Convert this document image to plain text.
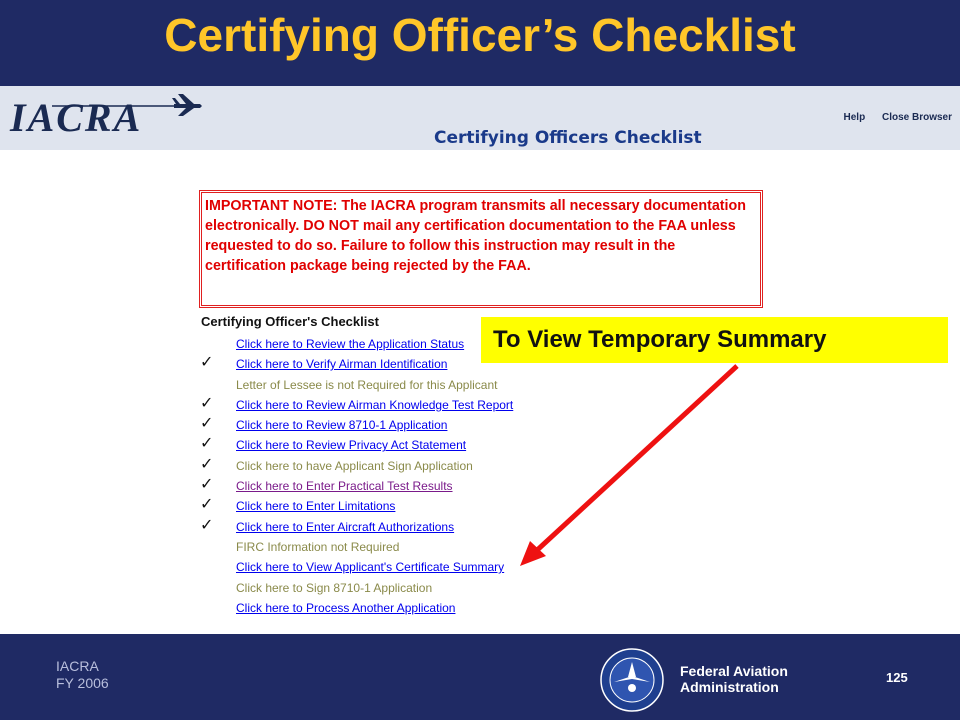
Certifying Officer’s Checklist
IACRA	Help Close Browser
Certifying Officers Checklist
IMPORTANT NOTE: The IACRA program transmits all necessary documentation electronically. DO NOT mail any certification documentation to the FAA unless requested to do so. Failure to follow this instruction may result in the certification package being rejected by the FAA.
Certifying Officer's Checklist
Click here to Review the Application Status
✓	Click here to Verify Airman Identification
Letter of Lessee is not Required for this Applicant
✓	Click here to Review Airman Knowledge Test Report
✓	Click here to Review 8710-1 Application
✓	Click here to Review Privacy Act Statement
✓	Click here to have Applicant Sign Application
✓	Click here to Enter Practical Test Results
✓	Click here to Enter Limitations
✓	Click here to Enter Aircraft Authorizations
FIRC Information not Required
Click here to View Applicant's Certificate Summary
Click here to Sign 8710-1 Application
Click here to Process Another Application
To View Temporary Summary
IACRA
FY 2006
Federal Aviation
Administration
125
